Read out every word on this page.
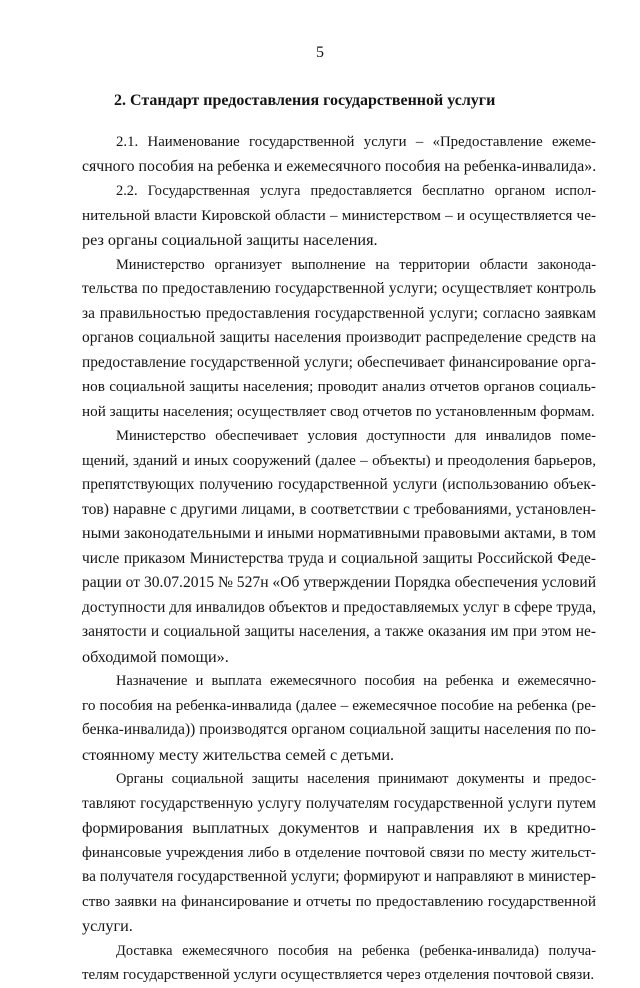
5
2. Стандарт предоставления государственной услуги
2.1. Наименование государственной услуги – «Предоставление ежеме-
сячного пособия на ребенка и ежемесячного пособия на ребенка-инвалида».
2.2. Государственная услуга предоставляется бесплатно органом испол-
нительной власти Кировской области – министерством – и осуществляется че-
рез органы социальной защиты населения.
Министерство организует выполнение на территории области законода-
тельства по предоставлению государственной услуги; осуществляет контроль
за правильностью предоставления государственной услуги; согласно заявкам
органов социальной защиты населения производит распределение средств на
предоставление государственной услуги; обеспечивает финансирование орга-
нов социальной защиты населения; проводит анализ отчетов органов социаль-
ной защиты населения; осуществляет свод отчетов по установленным формам.
Министерство обеспечивает условия доступности для инвалидов поме-
щений, зданий и иных сооружений (далее – объекты) и преодоления барьеров,
препятствующих получению государственной услуги (использованию объек-
тов) наравне с другими лицами, в соответствии с требованиями, установлен-
ными законодательными и иными нормативными правовыми актами, в том
числе приказом Министерства труда и социальной защиты Российской Феде-
рации от 30.07.2015 № 527н «Об утверждении Порядка обеспечения условий
доступности для инвалидов объектов и предоставляемых услуг в сфере труда,
занятости и социальной защиты населения, а также оказания им при этом не-
обходимой помощи».
Назначение и выплата ежемесячного пособия на ребенка и ежемесячно-
го пособия на ребенка-инвалида (далее – ежемесячное пособие на ребенка (ре-
бенка-инвалида)) производятся органом социальной защиты населения по по-
стоянному месту жительства семей с детьми.
Органы социальной защиты населения принимают документы и предос-
тавляют государственную услугу получателям государственной услуги путем
формирования выплатных документов и направления их в кредитно-
финансовые учреждения либо в отделение почтовой связи по месту жительст-
ва получателя государственной услуги; формируют и направляют в министер-
ство заявки на финансирование и отчеты по предоставлению государственной
услуги.
Доставка ежемесячного пособия на ребенка (ребенка-инвалида) получа-
телям государственной услуги осуществляется через отделения почтовой связи.
